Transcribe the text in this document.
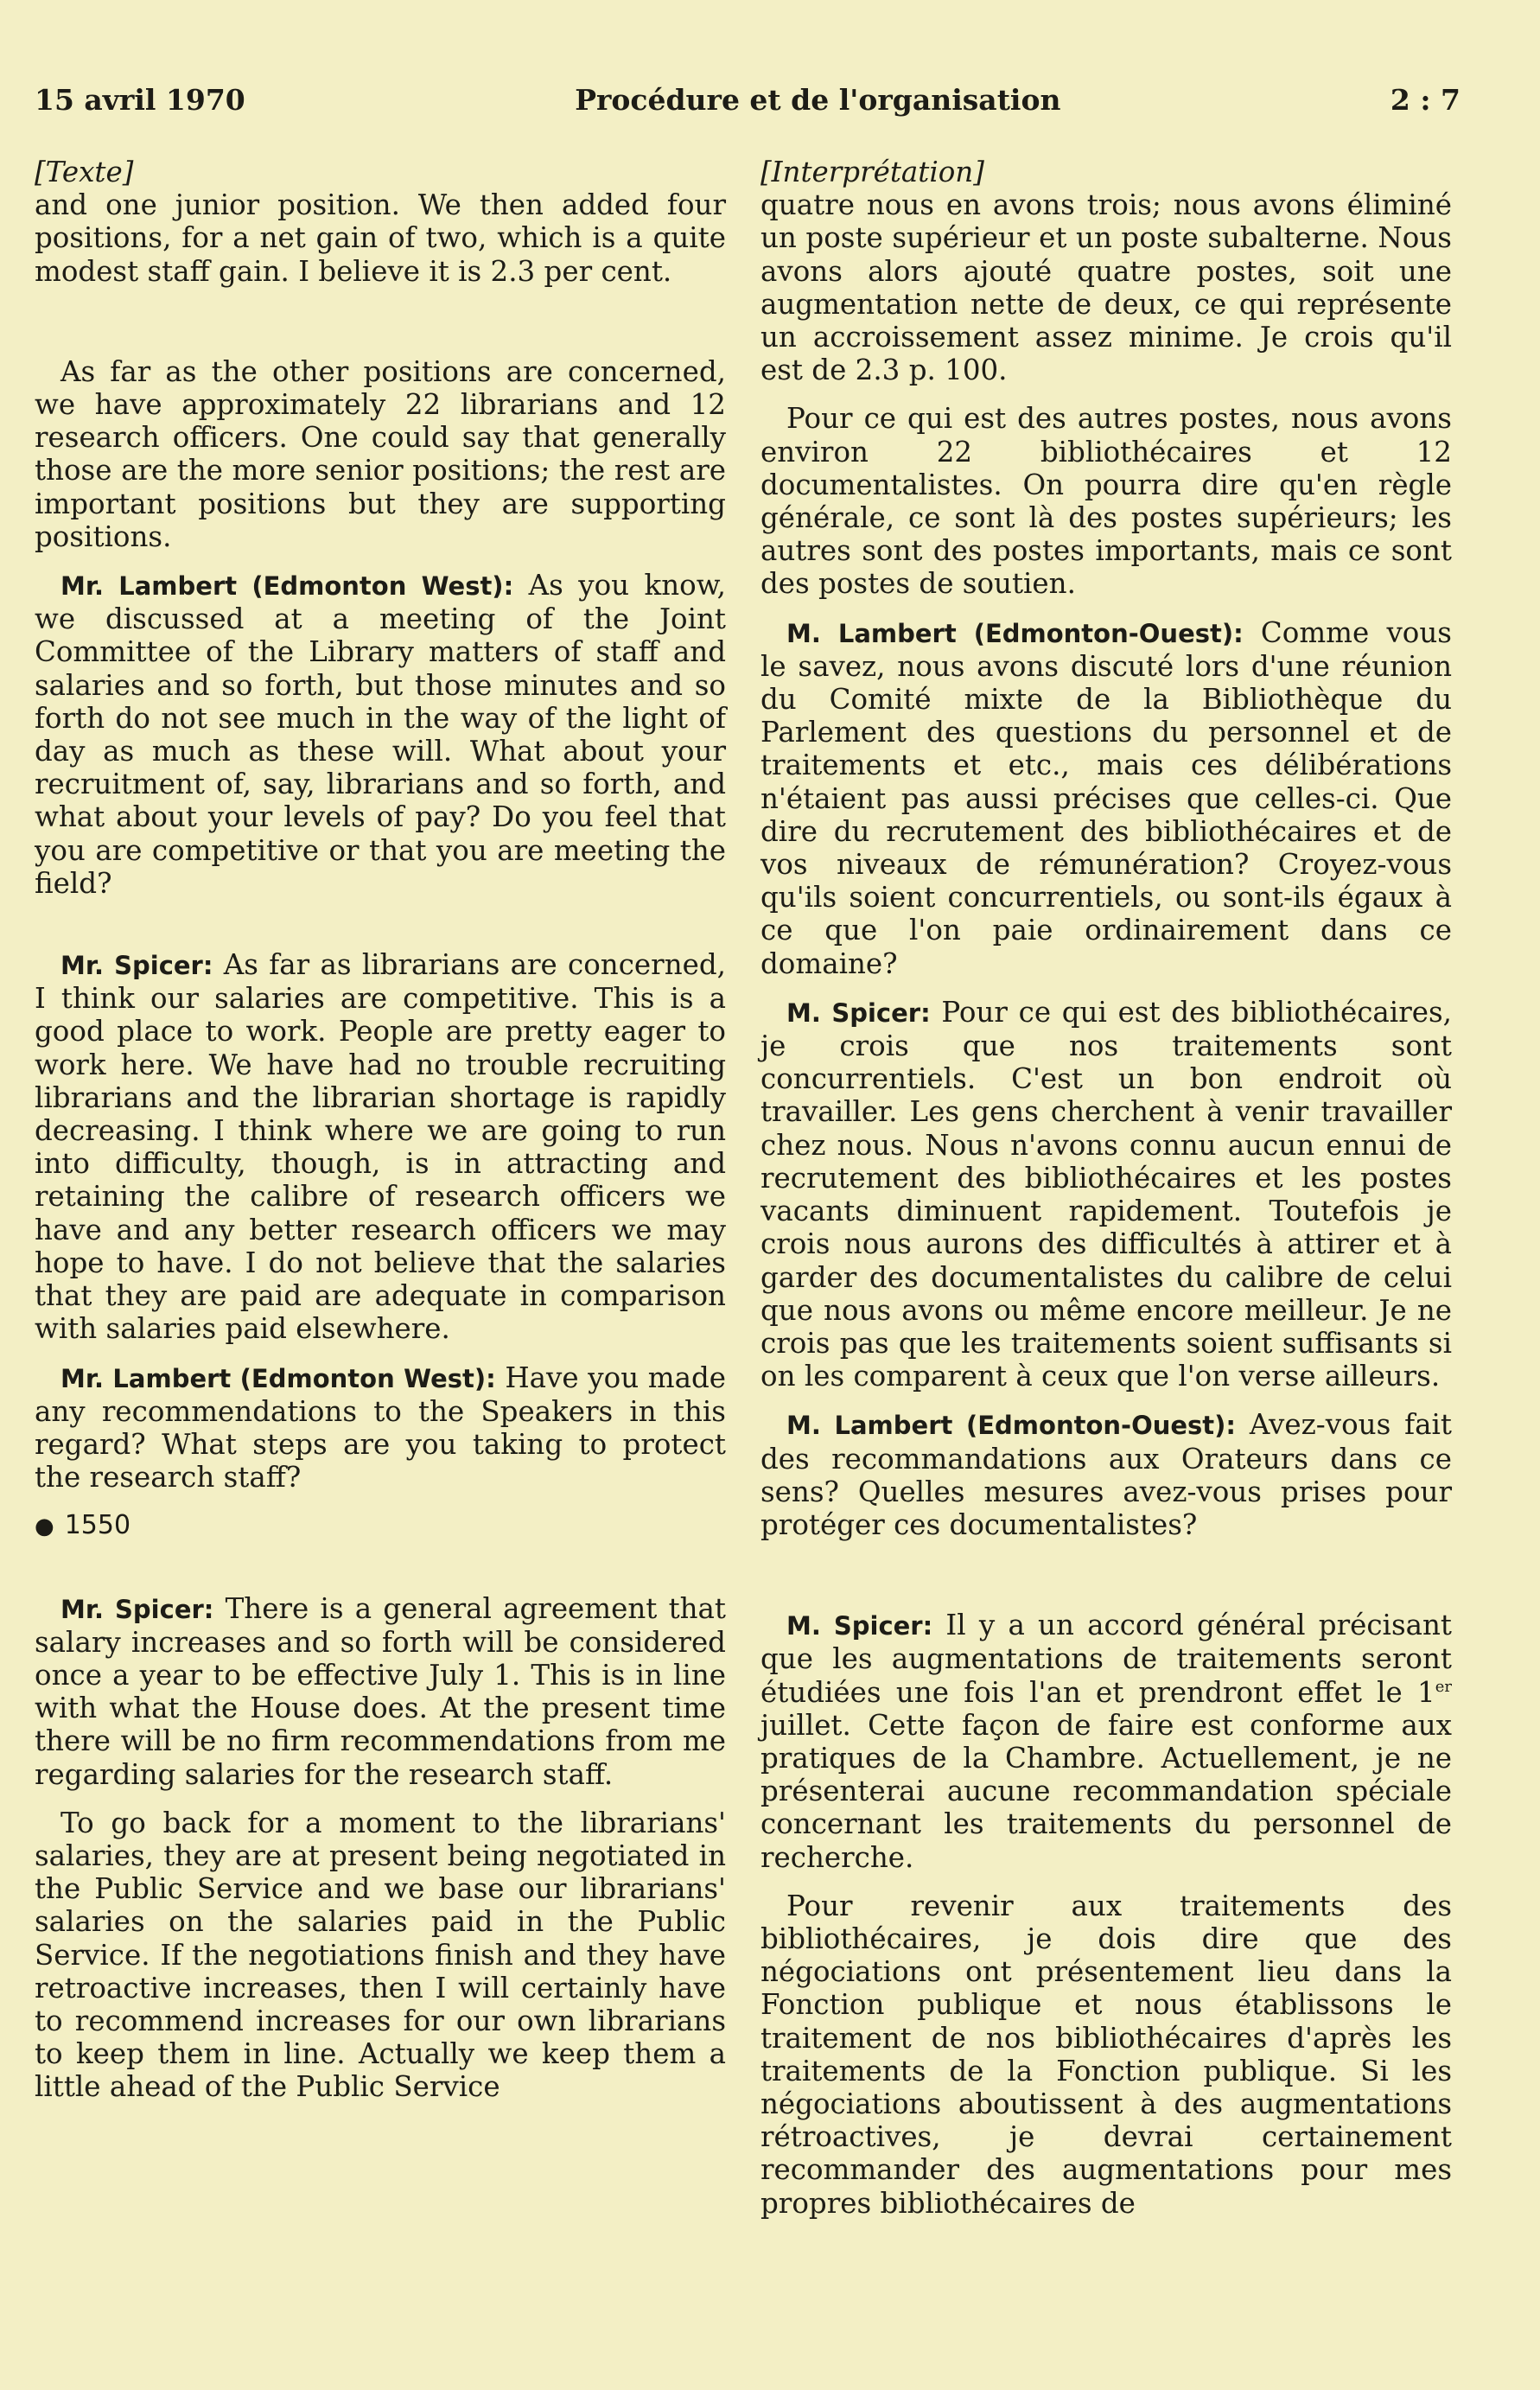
15 avril 1970	Procédure et de l'organisation	2 : 7

[Texte]

and one junior position. We then added four positions, for a net gain of two, which is a quite modest staff gain. I believe it is 2.3 per cent.

As far as the other positions are concerned, we have approximately 22 librarians and 12 research officers. One could say that generally those are the more senior positions; the rest are important positions but they are supporting positions.

Mr. Lambert (Edmonton West): As you know, we discussed at a meeting of the Joint Committee of the Library matters of staff and salaries and so forth, but those minutes and so forth do not see much in the way of the light of day as much as these will. What about your recruitment of, say, librarians and so forth, and what about your levels of pay? Do you feel that you are competitive or that you are meeting the field?

Mr. Spicer: As far as librarians are concerned, I think our salaries are competitive. This is a good place to work. People are pretty eager to work here. We have had no trouble recruiting librarians and the librarian shortage is rapidly decreasing. I think where we are going to run into difficulty, though, is in attracting and retaining the calibre of research officers we have and any better research officers we may hope to have. I do not believe that the salaries that they are paid are adequate in comparison with salaries paid elsewhere.

Mr. Lambert (Edmonton West): Have you made any recommendations to the Speakers in this regard? What steps are you taking to protect the research staff?

● 1550

Mr. Spicer: There is a general agreement that salary increases and so forth will be considered once a year to be effective July 1. This is in line with what the House does. At the present time there will be no firm recommendations from me regarding salaries for the research staff.

To go back for a moment to the librarians' salaries, they are at present being negotiated in the Public Service and we base our librarians' salaries on the salaries paid in the Public Service. If the negotiations finish and they have retroactive increases, then I will certainly have to recommend increases for our own librarians to keep them in line. Actually we keep them a little ahead of the Public Service

[Interprétation]

quatre nous en avons trois; nous avons éliminé un poste supérieur et un poste subalterne. Nous avons alors ajouté quatre postes, soit une augmentation nette de deux, ce qui représente un accroissement assez minime. Je crois qu'il est de 2.3 p. 100.

Pour ce qui est des autres postes, nous avons environ 22 bibliothécaires et 12 documentalistes. On pourra dire qu'en règle générale, ce sont là des postes supérieurs; les autres sont des postes importants, mais ce sont des postes de soutien.

M. Lambert (Edmonton-Ouest): Comme vous le savez, nous avons discuté lors d'une réunion du Comité mixte de la Bibliothèque du Parlement des questions du personnel et de traitements et etc., mais ces délibérations n'étaient pas aussi précises que celles-ci. Que dire du recrutement des bibliothécaires et de vos niveaux de rémunération? Croyez-vous qu'ils soient concurrentiels, ou sont-ils égaux à ce que l'on paie ordinairement dans ce domaine?

M. Spicer: Pour ce qui est des bibliothécaires, je crois que nos traitements sont concurrentiels. C'est un bon endroit où travailler. Les gens cherchent à venir travailler chez nous. Nous n'avons connu aucun ennui de recrutement des bibliothécaires et les postes vacants diminuent rapidement. Toutefois je crois nous aurons des difficultés à attirer et à garder des documentalistes du calibre de celui que nous avons ou même encore meilleur. Je ne crois pas que les traitements soient suffisants si on les comparent à ceux que l'on verse ailleurs.

M. Lambert (Edmonton-Ouest): Avez-vous fait des recommandations aux Orateurs dans ce sens? Quelles mesures avez-vous prises pour protéger ces documentalistes?

M. Spicer: Il y a un accord général précisant que les augmentations de traitements seront étudiées une fois l'an et prendront effet le 1er juillet. Cette façon de faire est conforme aux pratiques de la Chambre. Actuellement, je ne présenterai aucune recommandation spéciale concernant les traitements du personnel de recherche.

Pour revenir aux traitements des bibliothécaires, je dois dire que des négociations ont présentement lieu dans la Fonction publique et nous établissons le traitement de nos bibliothécaires d'après les traitements de la Fonction publique. Si les négociations aboutissent à des augmentations rétroactives, je devrai certainement recommander des augmentations pour mes propres bibliothécaires de
